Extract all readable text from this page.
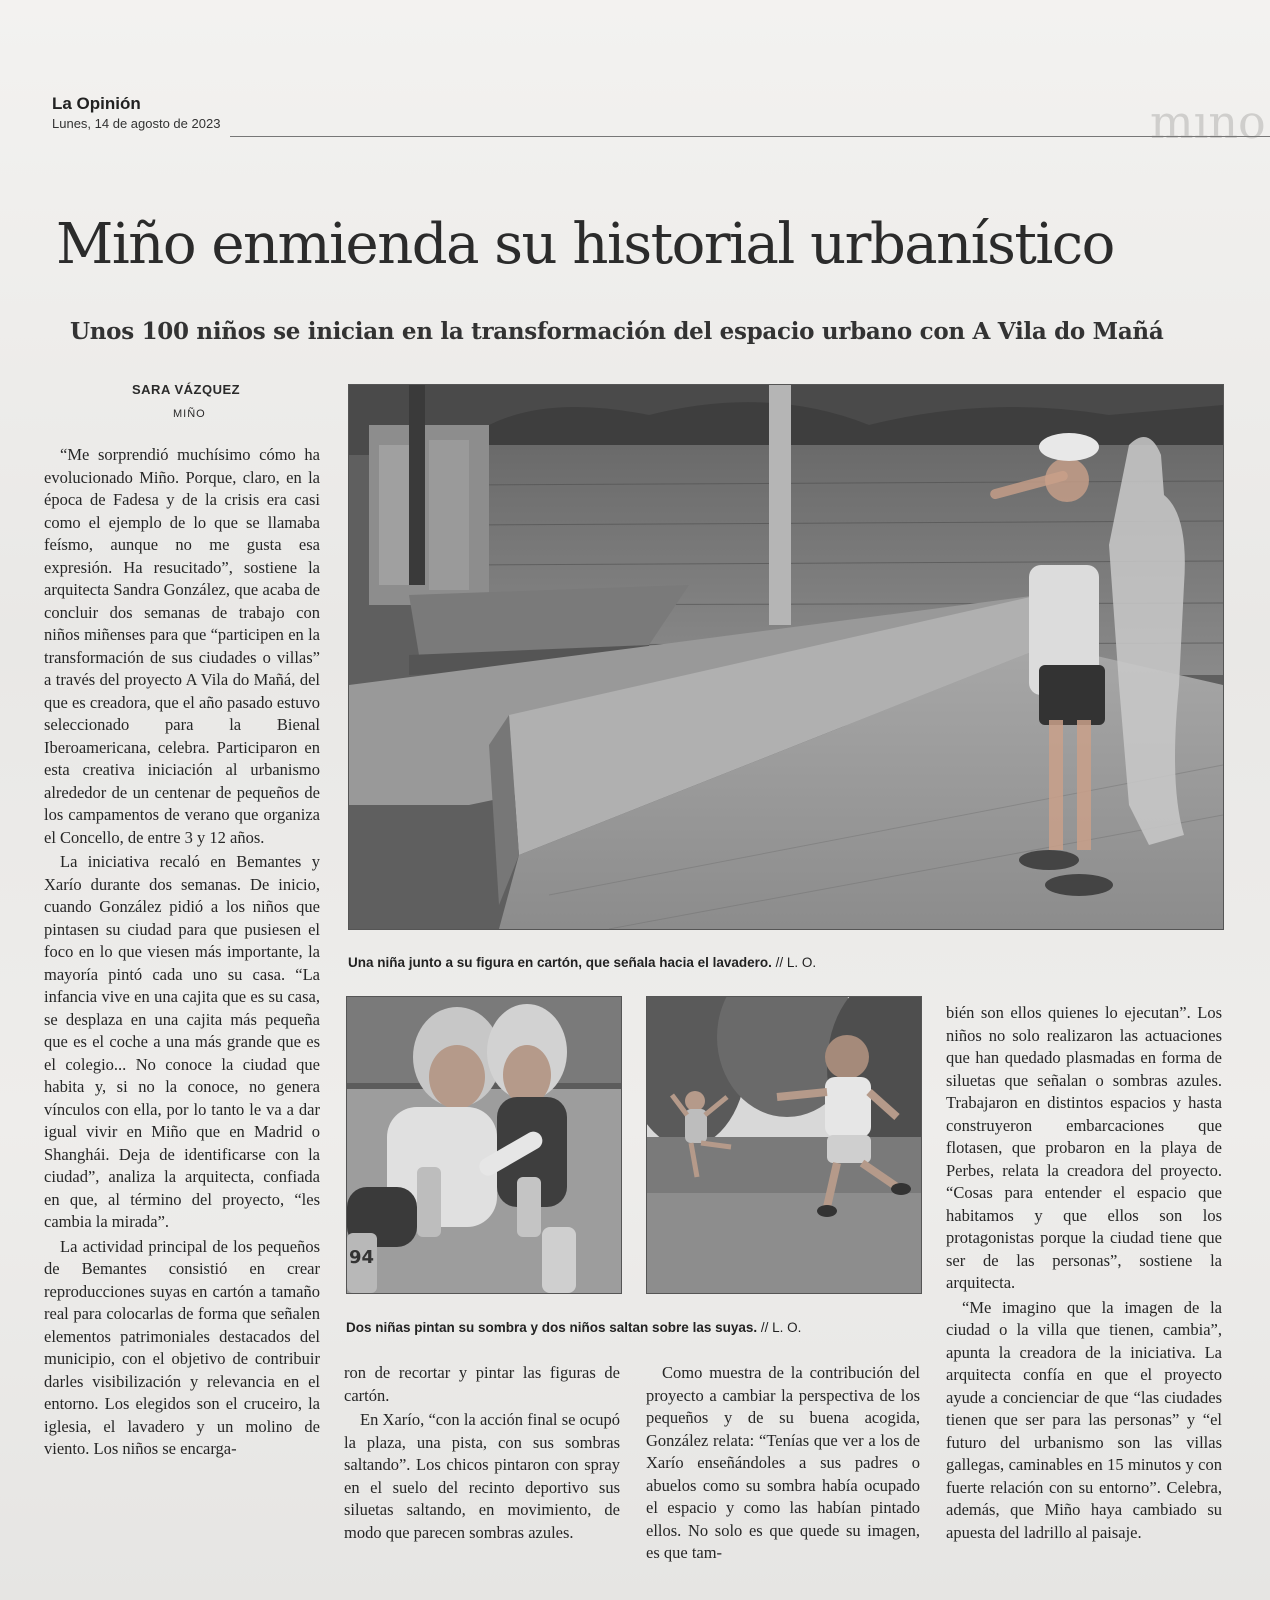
mıno
La Opinión
Lunes, 14 de agosto de 2023
Miño enmienda su historial urbanístico
Unos 100 niños se inician en la transformación del espacio urbano con A Vila do Mañá
SARA VÁZQUEZ
MIÑO

“Me sorprendió muchísimo cómo ha evolucionado Miño. Porque, claro, en la época de Fadesa y de la crisis era casi como el ejemplo de lo que se llamaba feísmo, aunque no me gusta esa expresión. Ha resucitado”, sostiene la arquitecta Sandra González, que acaba de concluir dos semanas de trabajo con niños miñenses para que “participen en la transformación de sus ciudades o villas” a través del proyecto A Vila do Mañá, del que es creadora, que el año pasado estuvo seleccionado para la Bienal Iberoamericana, celebra. Participaron en esta creativa iniciación al urbanismo alrededor de un centenar de pequeños de los campamentos de verano que organiza el Concello, de entre 3 y 12 años.

La iniciativa recaló en Bemantes y Xarío durante dos semanas. De inicio, cuando González pidió a los niños que pintasen su ciudad para que pusiesen el foco en lo que viesen más importante, la mayoría pintó cada uno su casa. “La infancia vive en una cajita que es su casa, se desplaza en una cajita más pequeña que es el coche a una más grande que es el colegio... No conoce la ciudad que habita y, si no la conoce, no genera vínculos con ella, por lo tanto le va a dar igual vivir en Miño que en Madrid o Shanghái. Deja de identificarse con la ciudad”, analiza la arquitecta, confiada en que, al término del proyecto, “les cambia la mirada”.

La actividad principal de los pequeños de Bemantes consistió en crear reproducciones suyas en cartón a tamaño real para colocarlas de forma que señalen elementos patrimoniales destacados del municipio, con el objetivo de contribuir darles visibilización y relevancia en el entorno. Los elegidos son el cruceiro, la iglesia, el lavadero y un molino de viento. Los niños se encarga-

Una niña junto a su figura en cartón, que señala hacia el lavadero. // L. O.
94
Dos niñas pintan su sombra y dos niños saltan sobre las suyas. // L. O.

ron de recortar y pintar las figuras de cartón.

En Xarío, “con la acción final se ocupó la plaza, una pista, con sus sombras saltando”. Los chicos pintaron con spray en el suelo del recinto deportivo sus siluetas saltando, en movimiento, de modo que parecen sombras azules.

Como muestra de la contribución del proyecto a cambiar la perspectiva de los pequeños y de su buena acogida, González relata: “Tenías que ver a los de Xarío enseñándoles a sus padres o abuelos como su sombra había ocupado el espacio y como las habían pintado ellos. No solo es que quede su imagen, es que tam-

bién son ellos quienes lo ejecutan”. Los niños no solo realizaron las actuaciones que han quedado plasmadas en forma de siluetas que señalan o sombras azules. Trabajaron en distintos espacios y hasta construyeron embarcaciones que flotasen, que probaron en la playa de Perbes, relata la creadora del proyecto. “Cosas para entender el espacio que habitamos y que ellos son los protagonistas porque la ciudad tiene que ser de las personas”, sostiene la arquitecta.

“Me imagino que la imagen de la ciudad o la villa que tienen, cambia”, apunta la creadora de la iniciativa. La arquitecta confía en que el proyecto ayude a concienciar de que “las ciudades tienen que ser para las personas” y “el futuro del urbanismo son las villas gallegas, caminables en 15 minutos y con fuerte relación con su entorno”. Celebra, además, que Miño haya cambiado su apuesta del ladrillo al paisaje.
